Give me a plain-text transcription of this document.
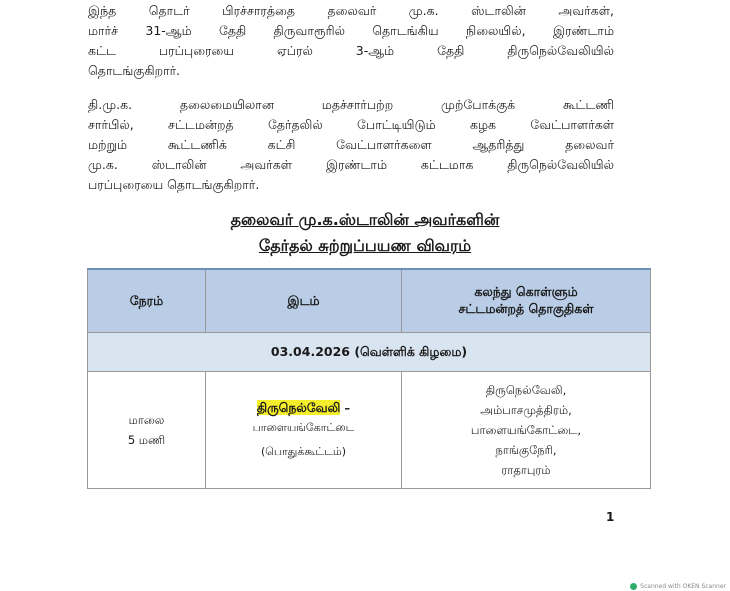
இந்த தொடர் பிரச்சாரத்தை தலைவர் மு.க. ஸ்டாலின் அவர்கள்,
மார்ச் 31-ஆம் தேதி திருவாரூரில் தொடங்கிய நிலையில், இரண்டாம்
கட்ட பரப்புரையை ஏப்ரல் 3-ஆம் தேதி திருநெல்வேலியில்
தொடங்குகிறார்.
தி.மு.க. தலைமையிலான மதச்சார்பற்ற முற்போக்குக் கூட்டணி
சார்பில், சட்டமன்றத் தேர்தலில் போட்டியிடும் கழக வேட்பாளர்கள்
மற்றும் கூட்டணிக் கட்சி வேட்பாளர்களை ஆதரித்து தலைவர்
மு.க. ஸ்டாலின் அவர்கள் இரண்டாம் கட்டமாக திருநெல்வேலியில்
பரப்புரையை தொடங்குகிறார்.
தலைவர் மு.க.ஸ்டாலின் அவர்களின்
தேர்தல் சுற்றுப்பயண விவரம்
நேரம்	இடம்	கலந்து கொள்ளும்
சட்டமன்றத் தொகுதிகள்

03.04.2026 (வெள்ளிக் கிழமை)		

மாலை
5 மணி	திருநெல்வேலி –
பாளையங்கோட்டை
(பொதுக்கூட்டம்)	திருநெல்வேலி,
அம்பாசமுத்திரம்,
பாளையங்கோட்டை,
நாங்குநேரி,
ராதாபுரம்
1
Scanned with OKEN Scanner
